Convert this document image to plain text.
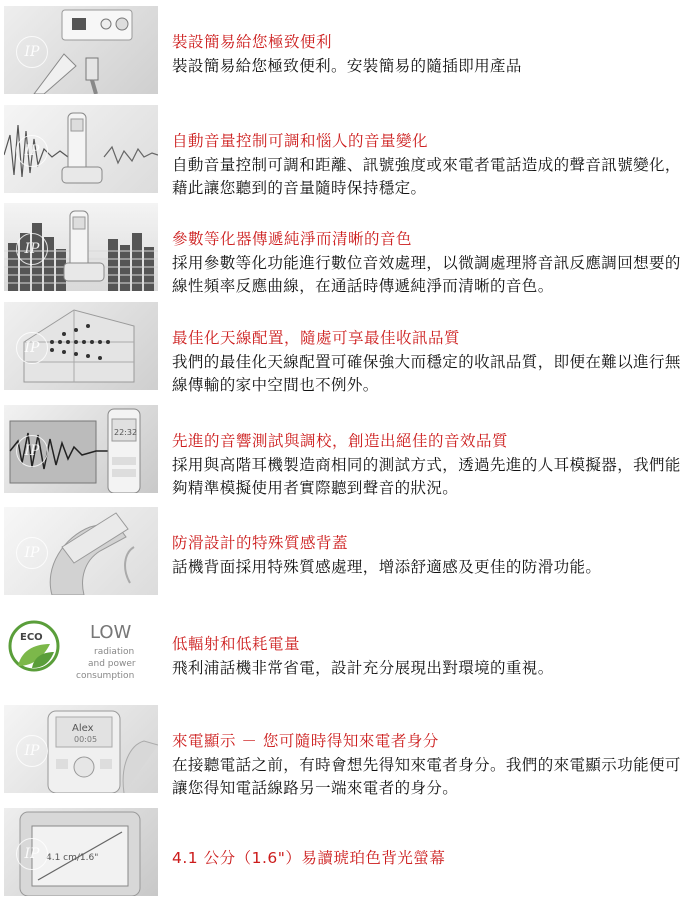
IP
裝設簡易給您極致便利
裝設簡易給您極致便利。安裝簡易的隨插即用產品
IP
自動音量控制可調和惱人的音量變化
自動音量控制可調和距離、訊號強度或來電者電話造成的聲音訊號變化，藉此讓您聽到的音量隨時保持穩定。
IP
參數等化器傳遞純淨而清晰的音色
採用參數等化功能進行數位音效處理，以微調處理將音訊反應調回想要的線性頻率反應曲線，在通話時傳遞純淨而清晰的音色。
IP
最佳化天線配置，隨處可享最佳收訊品質
我們的最佳化天線配置可確保強大而穩定的收訊品質，即便在難以進行無線傳輸的家中空間也不例外。
22:32
IP
先進的音響測試與調校，創造出絕佳的音效品質
採用與高階耳機製造商相同的測試方式，透過先進的人耳模擬器，我們能夠精準模擬使用者實際聽到聲音的狀況。
IP
防滑設計的特殊質感背蓋
話機背面採用特殊質感處理，增添舒適感及更佳的防滑功能。
ECO	LOW
radiation
and power
consumption
低輻射和低耗電量
飛利浦話機非常省電，設計充分展現出對環境的重視。
Alex
00:05
IP
來電顯示 － 您可隨時得知來電者身分
在接聽電話之前，有時會想先得知來電者身分。我們的來電顯示功能便可讓您得知電話線路另一端來電者的身分。
4.1 cm/1.6"
IP	4.1 公分（1.6"）易讀琥珀色背光螢幕
